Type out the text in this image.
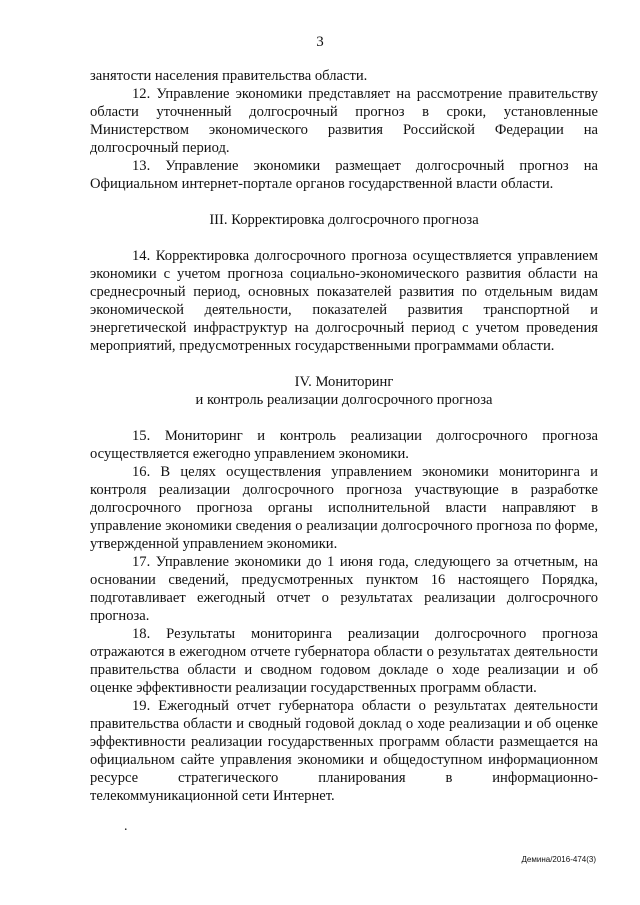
3

занятости населения правительства области.

12. Управление экономики представляет на рассмотрение правительству области уточненный долгосрочный прогноз в сроки, установленные Министерством экономического развития Российской Федерации на долгосрочный период.

13. Управление экономики размещает долгосрочный прогноз на Официальном интернет-портале органов государственной власти области.

III. Корректировка долгосрочного прогноза

14. Корректировка долгосрочного прогноза осуществляется управлением экономики с учетом прогноза социально-экономического развития области на среднесрочный период, основных показателей развития по отдельным видам экономической деятельности, показателей развития транспортной и энергетической инфраструктур на долгосрочный период с учетом проведения мероприятий, предусмотренных государственными программами области.

IV. Мониторинг

и контроль реализации долгосрочного прогноза

15. Мониторинг и контроль реализации долгосрочного прогноза осуществляется ежегодно управлением экономики.

16. В целях осуществления управлением экономики мониторинга и контроля реализации долгосрочного прогноза участвующие в разработке долгосрочного прогноза органы исполнительной власти направляют в управление экономики сведения о реализации долгосрочного прогноза по форме, утвержденной управлением экономики.

17. Управление экономики до 1 июня года, следующего за отчетным, на основании сведений, предусмотренных пунктом 16 настоящего Порядка, подготавливает ежегодный отчет о результатах реализации долгосрочного прогноза.

18. Результаты мониторинга реализации долгосрочного прогноза отражаются в ежегодном отчете губернатора области о результатах деятельности правительства области и сводном годовом докладе о ходе реализации и об оценке эффективности реализации государственных программ области.

19. Ежегодный отчет губернатора области о результатах деятельности правительства области и сводный годовой доклад о ходе реализации и об оценке эффективности реализации государственных программ области размещается на официальном сайте управления экономики и общедоступном информационном ресурсе стратегического планирования в информационно-телекоммуникационной сети Интернет.

.
Демина/2016-474(3)
